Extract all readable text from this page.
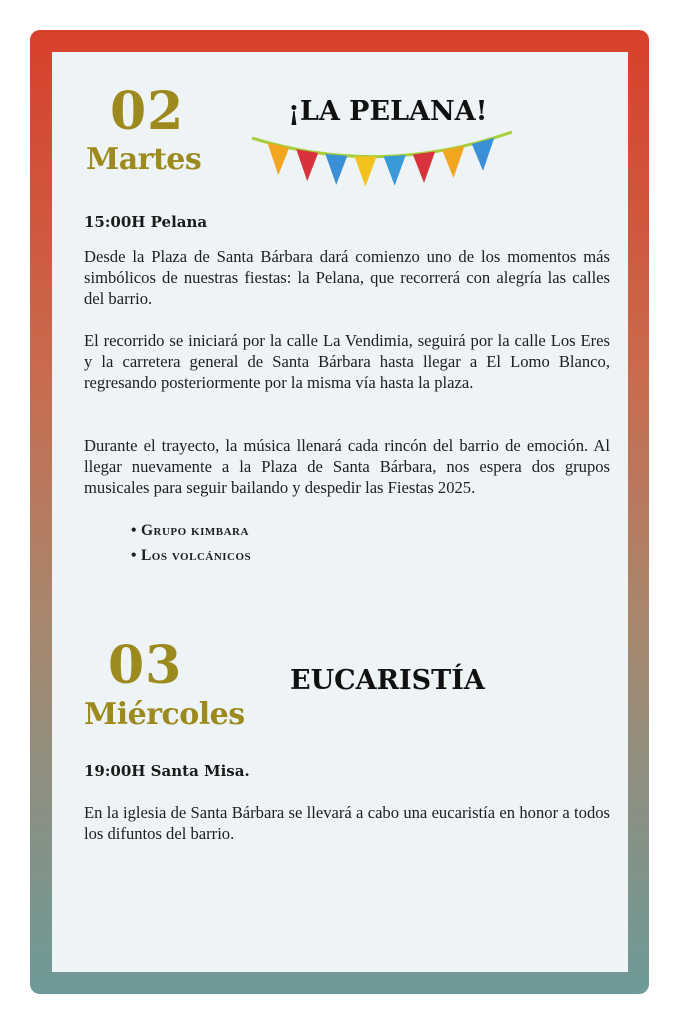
02
Martes
¡LA PELANA!
15:00H Pelana

Desde la Plaza de Santa Bárbara dará comienzo uno de los momentos más simbólicos de nuestras fiestas: la Pelana, que recorrerá con alegría las calles del barrio.

El recorrido se iniciará por la calle La Vendimia, seguirá por la calle Los Eres y la carretera general de Santa Bárbara hasta llegar a El Lomo Blanco, regresando posteriormente por la misma vía hasta la plaza.

Durante el trayecto, la música llenará cada rincón del barrio de emoción. Al llegar nuevamente a la Plaza de Santa Bárbara, nos espera dos grupos musicales para seguir bailando y despedir las Fiestas 2025.

• Grupo kimbara
• Los volcánicos
03
Miércoles
EUCARISTÍA
19:00H Santa Misa.

En la iglesia de Santa Bárbara se llevará a cabo una eucaristía en honor a todos los difuntos del barrio.
